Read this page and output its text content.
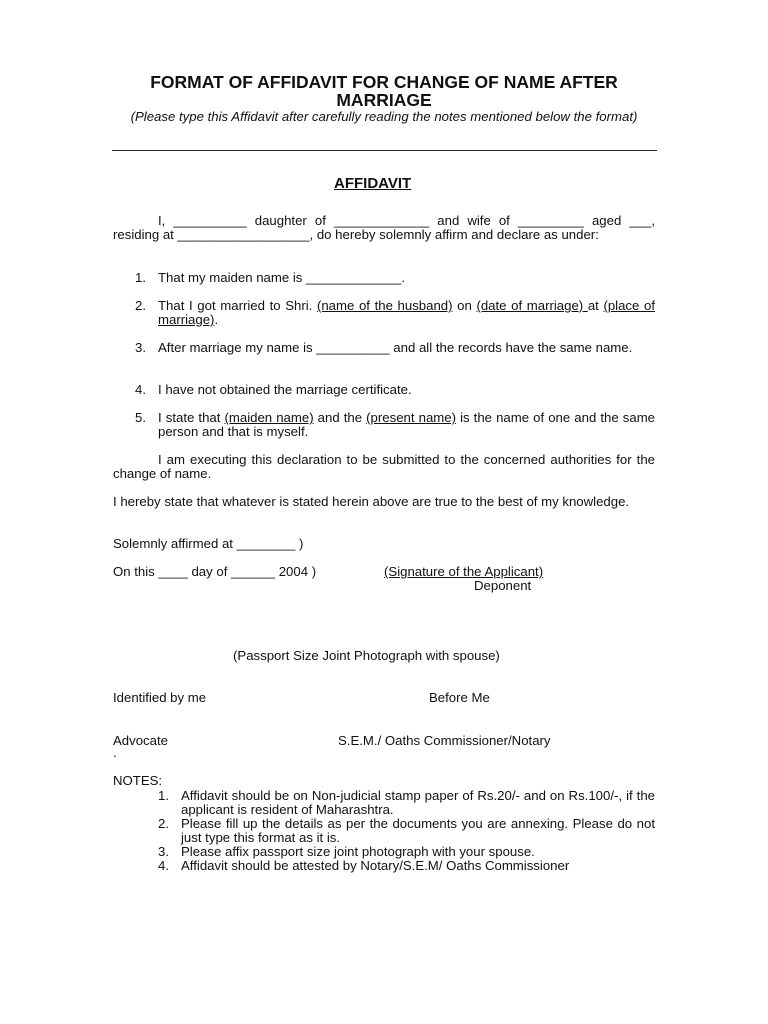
FORMAT OF AFFIDAVIT FOR CHANGE OF NAME AFTER MARRIAGE
(Please type this Affidavit after carefully reading the notes mentioned below the format)
AFFIDAVIT
I, __________ daughter of _____________ and wife of _________ aged ___, residing at __________________, do hereby solemnly affirm and declare as under:
1. That my maiden name is _____________.
2. That I got married to Shri. (name of the husband) on (date of marriage) at (place of marriage).
3. After marriage my name is __________ and all the records have the same name.
4. I have not obtained the marriage certificate.
5. I state that (maiden name) and the (present name) is the name of one and the same person and that is myself.
I am executing this declaration to be submitted to the concerned authorities for the change of name.
I hereby state that whatever is stated herein above are true to the best of my knowledge.
Solemnly affirmed at ________ )
On this ____ day of ______ 2004 )	(Signature of the Applicant)
Deponent
(Passport Size Joint Photograph with spouse)
Identified by me	Before Me
Advocate
.
S.E.M./ Oaths Commissioner/Notary
NOTES:
1. Affidavit should be on Non-judicial stamp paper of Rs.20/- and on Rs.100/-, if the applicant is resident of Maharashtra.
2. Please fill up the details as per the documents you are annexing. Please do not just type this format as it is.
3. Please affix passport size joint photograph with your spouse.
4. Affidavit should be attested by Notary/S.E.M/ Oaths Commissioner
